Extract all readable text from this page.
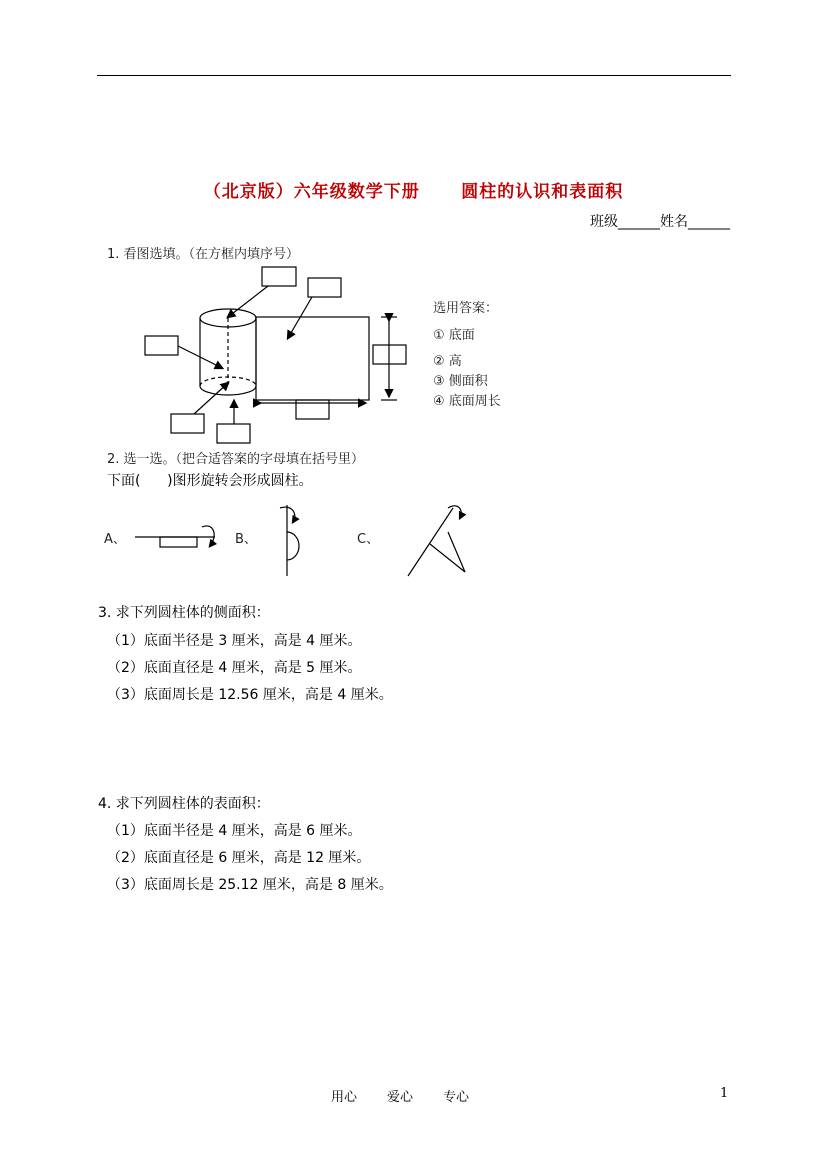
（北京版）六年级数学下册      圆柱的认识和表面积
班级______姓名______
1. 看图选填。（在方框内填序号）
选用答案：
① 底面
② 高
③ 侧面积
④ 底面周长
2. 选一选。（把合适答案的字母填在括号里）
下面(      )图形旋转会形成圆柱。
A、	B、	C、
3. 求下列圆柱体的侧面积：
（1）底面半径是 3 厘米，高是 4 厘米。
（2）底面直径是 4 厘米，高是 5 厘米。
（3）底面周长是 12.56 厘米，高是 4 厘米。
4. 求下列圆柱体的表面积：
（1）底面半径是 4 厘米，高是 6 厘米。
（2）底面直径是 6 厘米，高是 12 厘米。
（3）底面周长是 25.12 厘米，高是 8 厘米。
用心 爱心 专心	1
